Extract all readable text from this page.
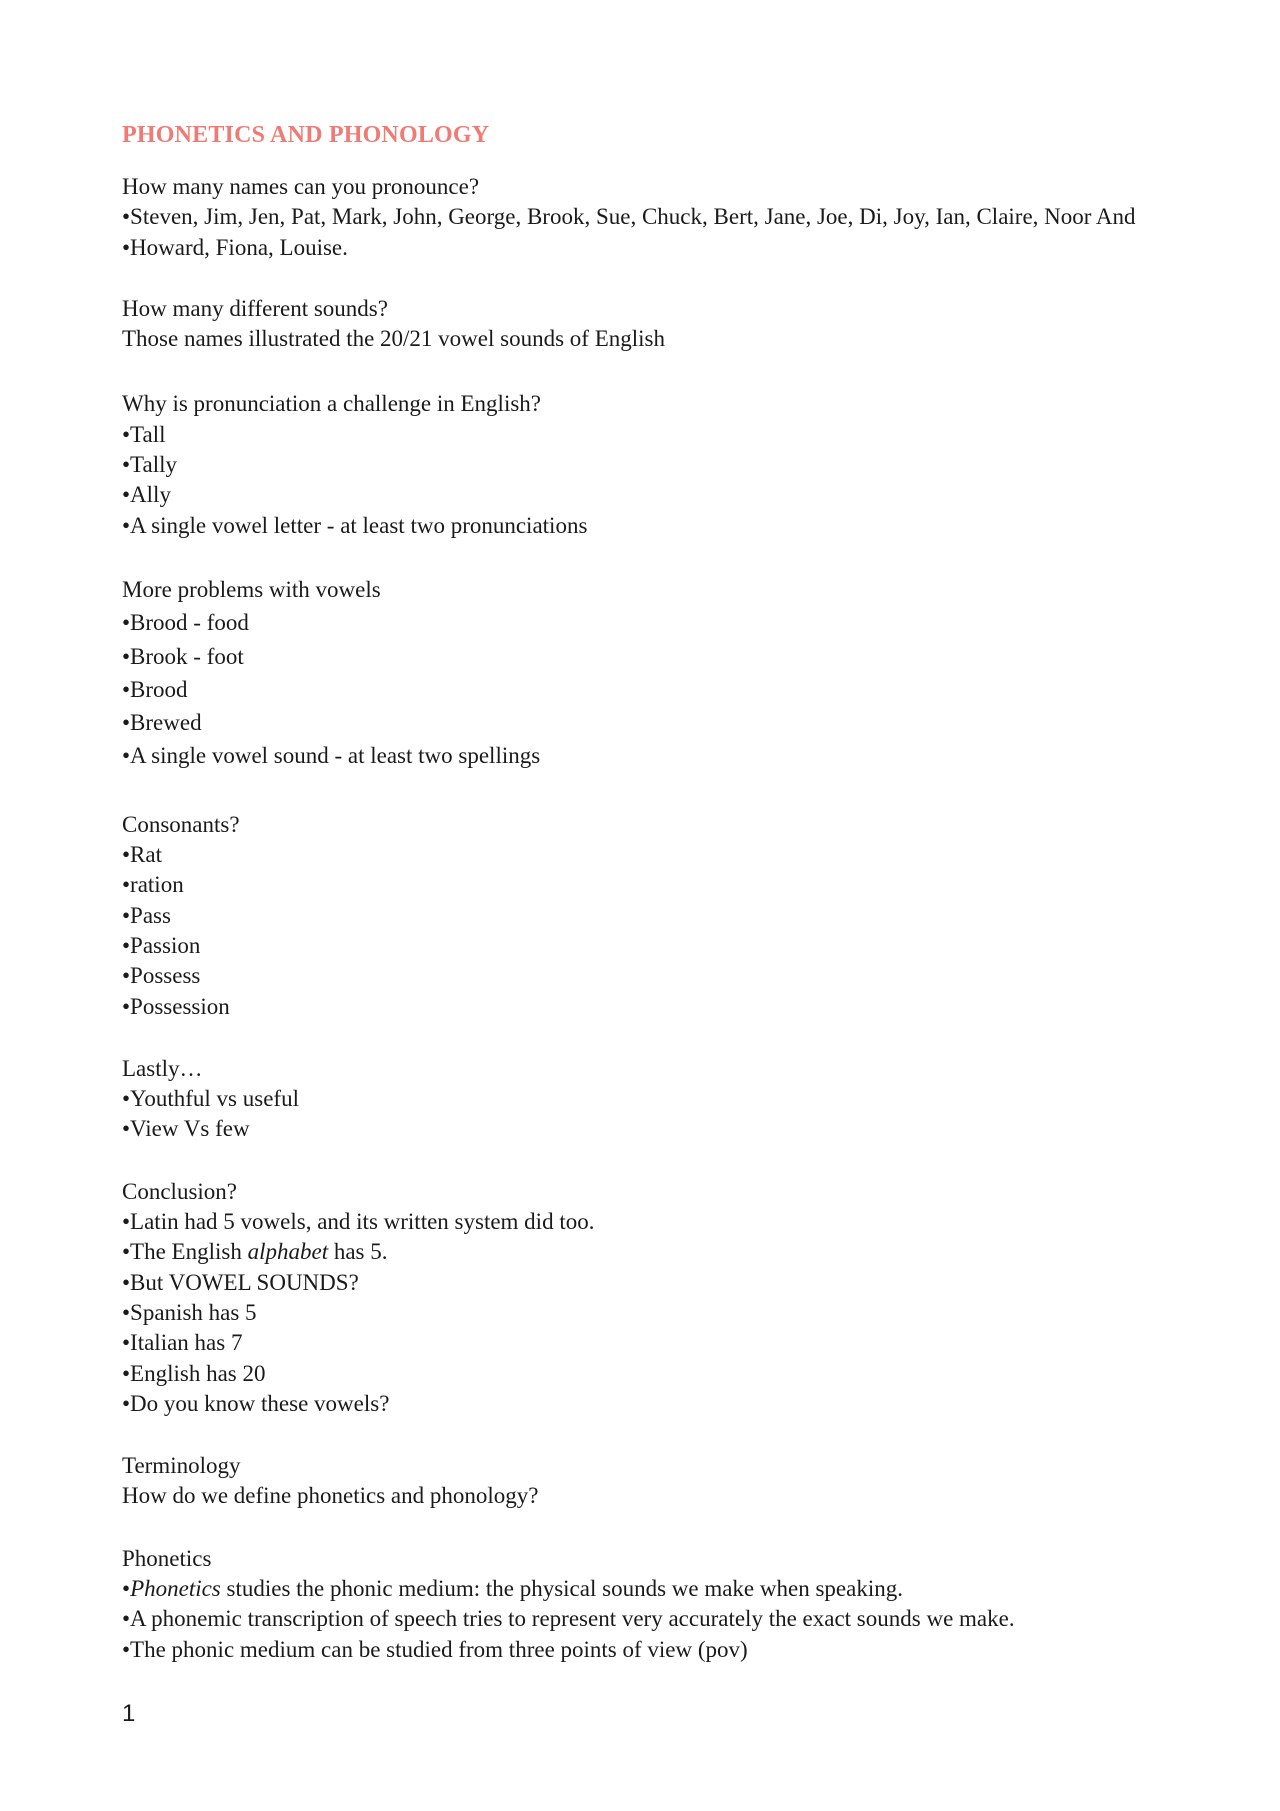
PHONETICS AND PHONOLOGY

How many names can you pronounce?

•Steven, Jim, Jen, Pat, Mark, John, George, Brook, Sue, Chuck, Bert, Jane, Joe, Di, Joy, Ian, Claire, Noor And

•Howard, Fiona, Louise.

How many different sounds?

Those names illustrated the 20/21 vowel sounds of English

Why is pronunciation a challenge in English?

•Tall

•Tally

•Ally

•A single vowel letter - at least two pronunciations

More problems with vowels

•Brood - food

•Brook - foot

•Brood

•Brewed

•A single vowel sound - at least two spellings

Consonants?

•Rat

•ration

•Pass

•Passion

•Possess

•Possession

Lastly…

•Youthful vs useful

•View Vs few

Conclusion?

•Latin had 5 vowels, and its written system did too.

•The English alphabet has 5.

•But VOWEL SOUNDS?

•Spanish has 5

•Italian has 7

•English has 20

•Do you know these vowels?

Terminology

How do we define phonetics and phonology?

Phonetics

•Phonetics studies the phonic medium: the physical sounds we make when speaking.

•A phonemic transcription of speech tries to represent very accurately the exact sounds we make.

•The phonic medium can be studied from three points of view (pov)

1
